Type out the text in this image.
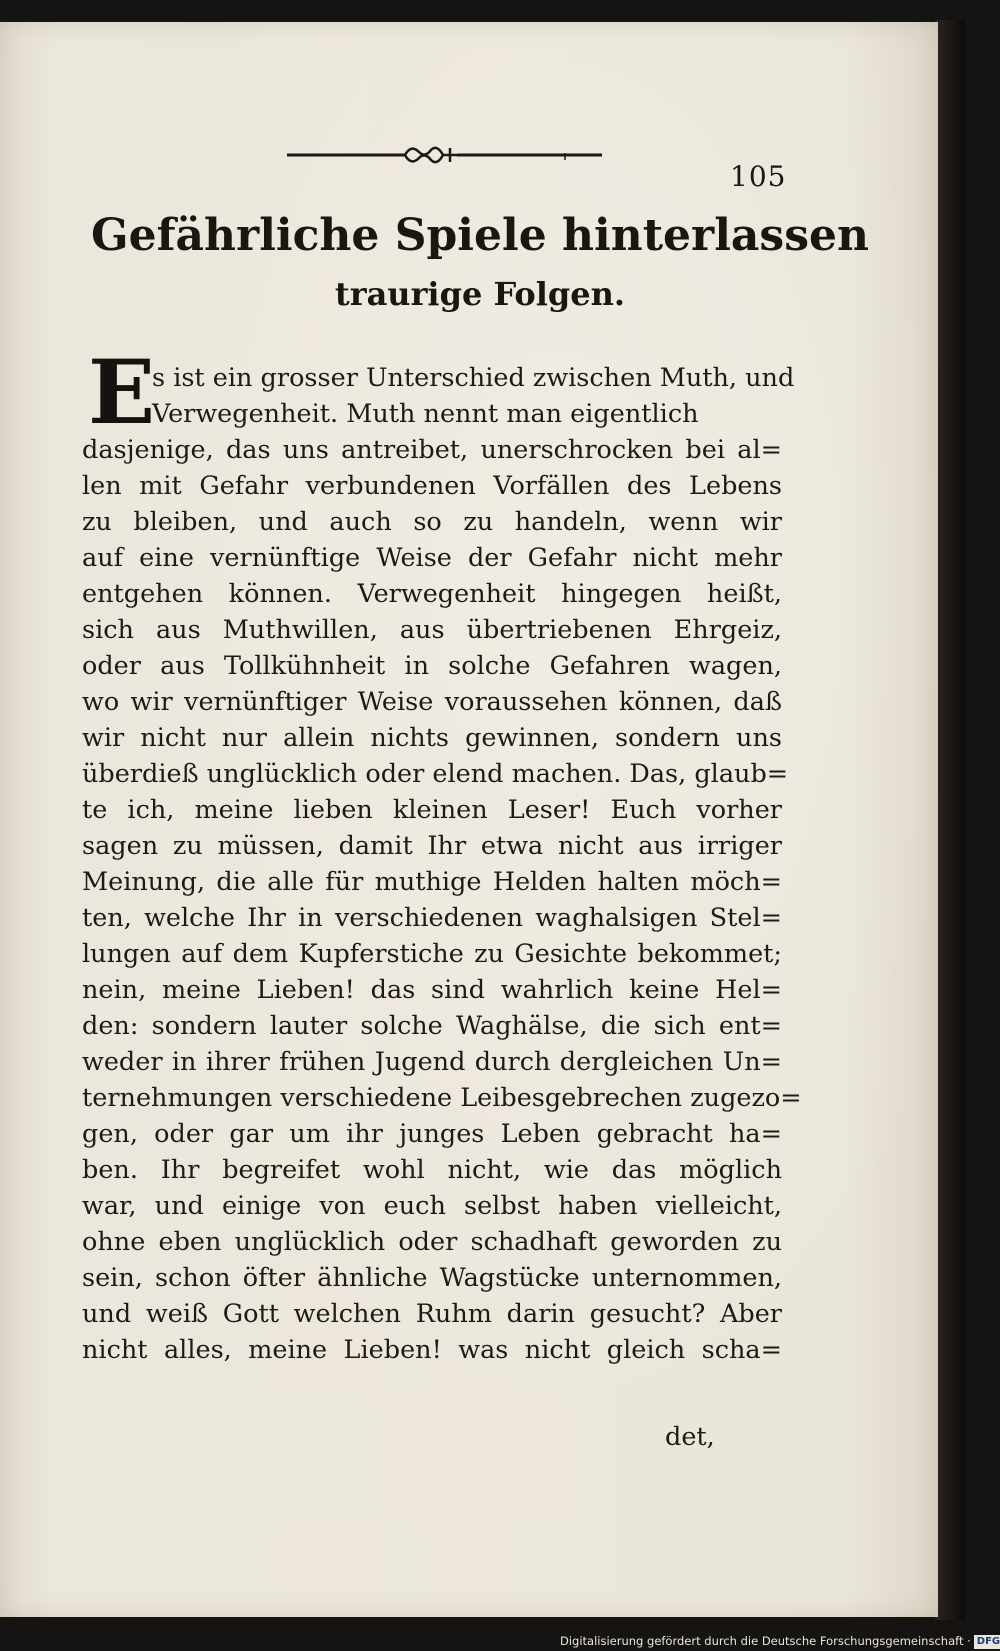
105
Gefährliche Spiele hinterlassen
traurige Folgen.
E
s ist ein grosser Unterschied zwischen Muth, und
Verwegenheit. Muth nennt man eigentlich
dasjenige, das uns antreibet, unerschrocken bei al=
len mit Gefahr verbundenen Vorfällen des Lebens
zu bleiben, und auch so zu handeln, wenn wir
auf eine vernünftige Weise der Gefahr nicht mehr
entgehen können. Verwegenheit hingegen heißt,
sich aus Muthwillen, aus übertriebenen Ehrgeiz,
oder aus Tollkühnheit in solche Gefahren wagen,
wo wir vernünftiger Weise voraussehen können, daß
wir nicht nur allein nichts gewinnen, sondern uns
überdieß unglücklich oder elend machen. Das, glaub=
te ich, meine lieben kleinen Leser! Euch vorher
sagen zu müssen, damit Ihr etwa nicht aus irriger
Meinung, die alle für muthige Helden halten möch=
ten, welche Ihr in verschiedenen waghalsigen Stel=
lungen auf dem Kupferstiche zu Gesichte bekommet;
nein, meine Lieben! das sind wahrlich keine Hel=
den: sondern lauter solche Waghälse, die sich ent=
weder in ihrer frühen Jugend durch dergleichen Un=
ternehmungen verschiedene Leibesgebrechen zugezo=
gen, oder gar um ihr junges Leben gebracht ha=
ben. Ihr begreifet wohl nicht, wie das möglich
war, und einige von euch selbst haben vielleicht,
ohne eben unglücklich oder schadhaft geworden zu
sein, schon öfter ähnliche Wagstücke unternommen,
und weiß Gott welchen Ruhm darin gesucht? Aber
nicht alles, meine Lieben! was nicht gleich scha=
det,
Digitalisierung gefördert durch die Deutsche Forschungsgemeinschaft · DFG
